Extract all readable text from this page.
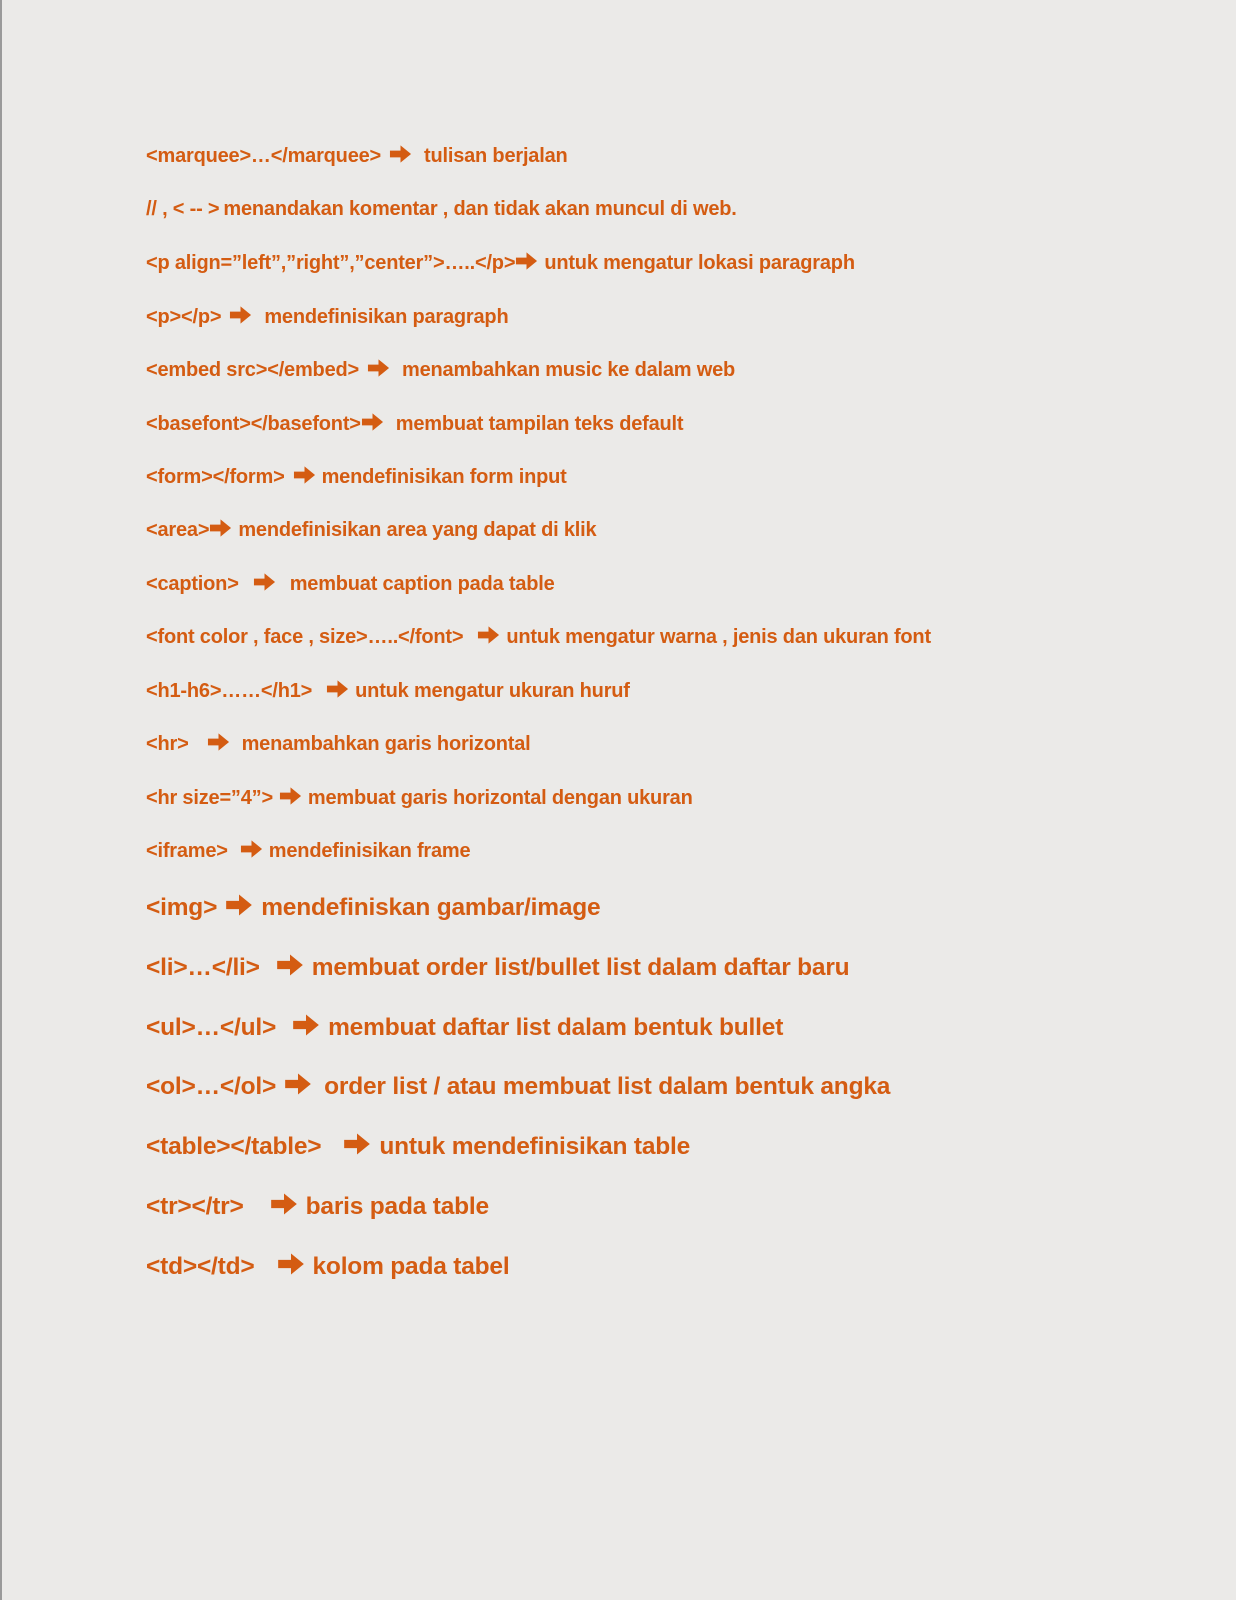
<marquee>…</marquee> tulisan berjalan
// , < -- > menandakan komentar , dan tidak akan muncul di web.
<p align=”left”,”right”,”center”>…..</p> untuk mengatur lokasi paragraph
<p></p> mendefinisikan paragraph
<embed src></embed> menambahkan music ke dalam web
<basefont></basefont> membuat tampilan teks default
<form></form> mendefinisikan form input
<area> mendefinisikan area yang dapat di klik
<caption>	membuat caption pada table
<font color , face , size>…..</font> untuk mengatur warna , jenis dan ukuran font
<h1-h6>……</h1> untuk mengatur ukuran huruf
<hr>	menambahkan garis horizontal
<hr size=”4”> membuat garis horizontal dengan ukuran
<iframe> mendefinisikan frame
<img> mendefiniskan gambar/image
<li>…</li> membuat order list/bullet list dalam daftar baru
<ul>…</ul> membuat daftar list dalam bentuk bullet
<ol>…</ol> order list / atau membuat list dalam bentuk angka
<table></table> untuk mendefinisikan table
<tr></tr>	baris pada table
<td></td> kolom pada tabel
